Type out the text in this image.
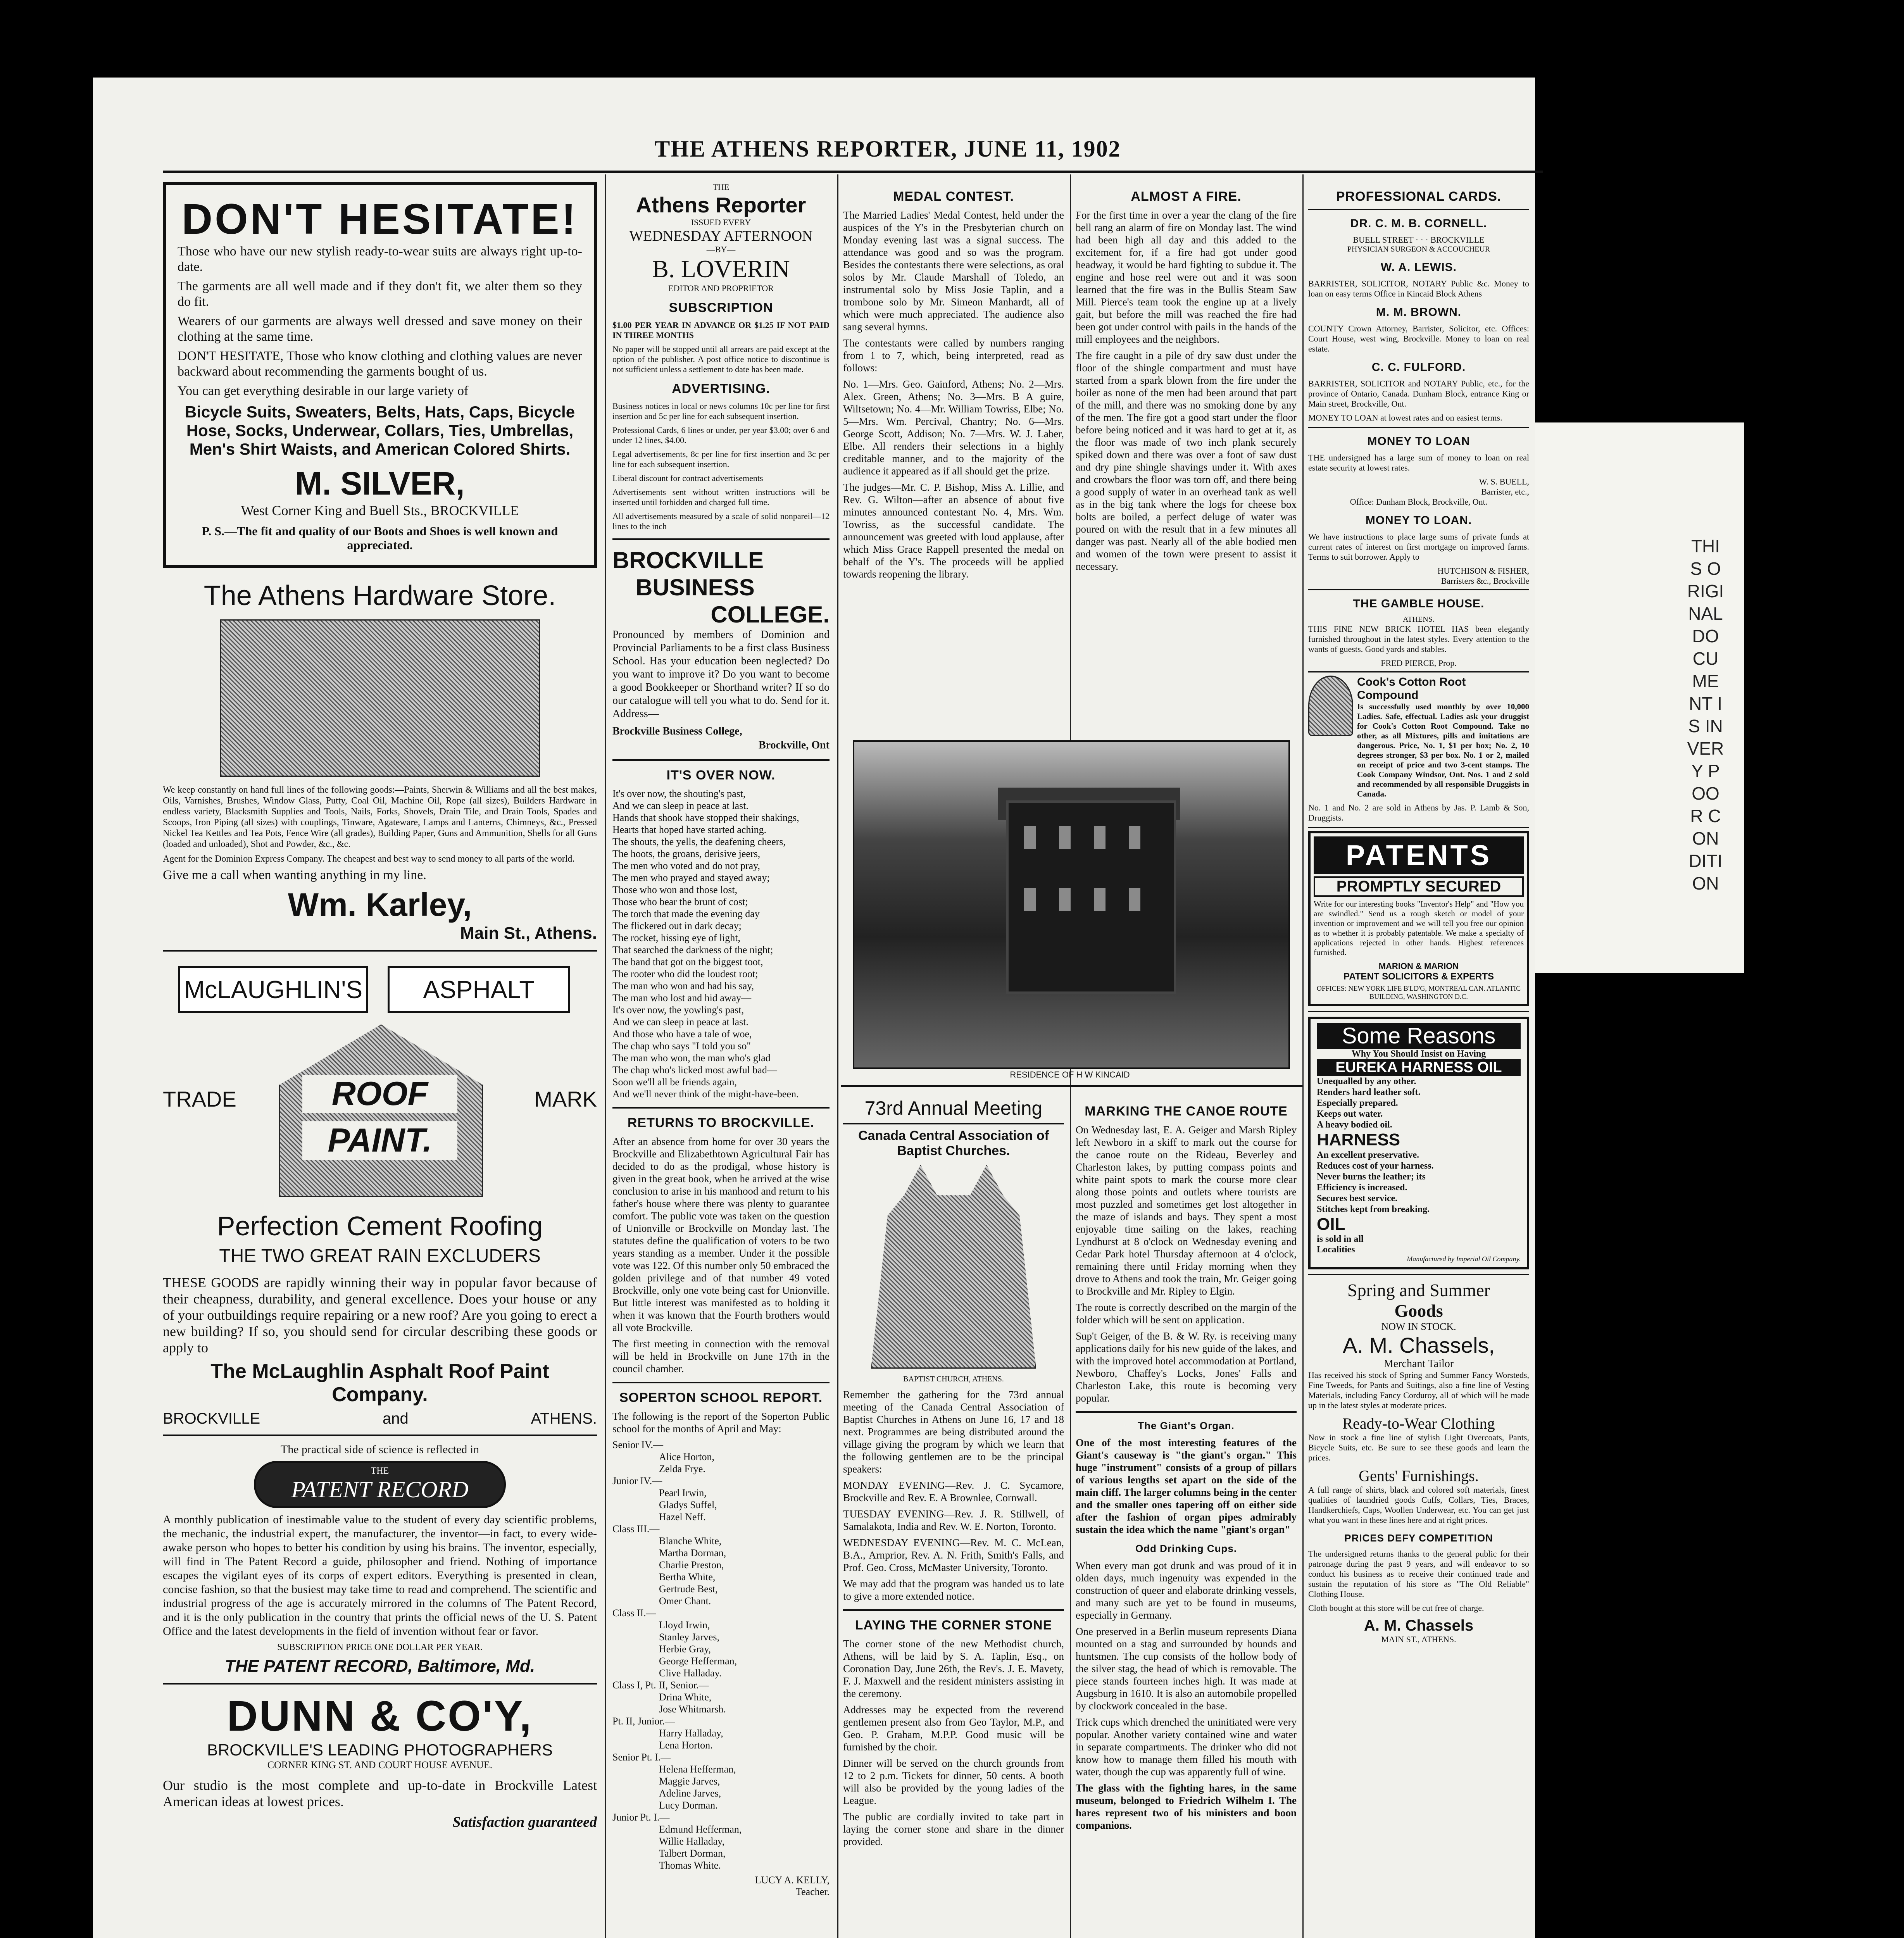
THE ATHENS REPORTER, JUNE 11, 1902
THIS ORIGINAL DOCUMENT IS IN VERY POOR CONDITION
DON'T HESITATE!

Those who have our new stylish ready-to-wear suits are always right up-to-date.

The garments are all well made and if they don't fit, we alter them so they do fit.

Wearers of our garments are always well dressed and save money on their clothing at the same time.

DON'T HESITATE, Those who know clothing and clothing values are never backward about recommending the garments bought of us.

You can get everything desirable in our large variety of

Bicycle Suits, Sweaters, Belts, Hats, Caps, Bicycle Hose, Socks, Underwear, Collars, Ties, Umbrellas, Men's Shirt Waists, and American Colored Shirts.

M. SILVER,
West Corner King and Buell Sts., BROCKVILLE

P. S.—The fit and quality of our Boots and Shoes is well known and appreciated.

The Athens Hardware Store.

We keep constantly on hand full lines of the following goods:—Paints, Sherwin & Williams and all the best makes, Oils, Varnishes, Brushes, Window Glass, Putty, Coal Oil, Machine Oil, Rope (all sizes), Builders Hardware in endless variety, Blacksmith Supplies and Tools, Nails, Forks, Shovels, Drain Tile, and Drain Tools, Spades and Scoops, Iron Piping (all sizes) with couplings, Tinware, Agateware, Lamps and Lanterns, Chimneys, &c., Pressed Nickel Tea Kettles and Tea Pots, Fence Wire (all grades), Building Paper, Guns and Ammunition, Shells for all Guns (loaded and unloaded), Shot and Powder, &c., &c.

Agent for the Dominion Express Company. The cheapest and best way to send money to all parts of the world.

Give me a call when wanting anything in my line.

Wm. Karley,
Main St., Athens.
McLAUGHLIN'S	ASPHALT
TRADE	MARK
ROOF
PAINT.
Perfection Cement Roofing
THE TWO GREAT RAIN EXCLUDERS

THESE GOODS are rapidly winning their way in popular favor because of their cheapness, durability, and general excellence. Does your house or any of your outbuildings require repairing or a new roof? Are you going to erect a new building? If so, you should send for circular describing these goods or apply to

The McLaughlin Asphalt Roof Paint Company.
BROCKVILLE	and	ATHENS.
The practical side of science is reflected in
THE
PATENT RECORD

A monthly publication of inestimable value to the student of every day scientific problems, the mechanic, the industrial expert, the manufacturer, the inventor—in fact, to every wide-awake person who hopes to better his condition by using his brains. The inventor, especially, will find in The Patent Record a guide, philosopher and friend. Nothing of importance escapes the vigilant eyes of its corps of expert editors. Everything is presented in clean, concise fashion, so that the busiest may take time to read and comprehend. The scientific and industrial progress of the age is accurately mirrored in the columns of The Patent Record, and it is the only publication in the country that prints the official news of the U. S. Patent Office and the latest developments in the field of invention without fear or favor.

SUBSCRIPTION PRICE ONE DOLLAR PER YEAR.
THE PATENT RECORD, Baltimore, Md.
DUNN & CO'Y,
BROCKVILLE'S LEADING PHOTOGRAPHERS
CORNER KING ST. AND COURT HOUSE AVENUE.

Our studio is the most complete and up-to-date in Brockville Latest American ideas at lowest prices.

Satisfaction guaranteed
THE
Athens Reporter
ISSUED EVERY
WEDNESDAY AFTERNOON
—BY—
B. LOVERIN
EDITOR AND PROPRIETOR
SUBSCRIPTION

$1.00 PER YEAR IN ADVANCE OR $1.25 IF NOT PAID IN THREE MONTHS

No paper will be stopped until all arrears are paid except at the option of the publisher. A post office notice to discontinue is not sufficient unless a settlement to date has been made.

ADVERTISING.

Business notices in local or news columns 10c per line for first insertion and 5c per line for each subsequent insertion.

Professional Cards, 6 lines or under, per year $3.00; over 6 and under 12 lines, $4.00.

Legal advertisements, 8c per line for first insertion and 3c per line for each subsequent insertion.

Liberal discount for contract advertisements

Advertisements sent without written instructions will be inserted until forbidden and charged full time.

All advertisements measured by a scale of solid nonpareil—12 lines to the inch

BROCKVILLE
BUSINESS
COLLEGE.

Pronounced by members of Dominion and Provincial Parliaments to be a first class Business School. Has your education been neglected? Do you want to improve it? Do you want to become a good Bookkeeper or Shorthand writer? If so do our catalogue will tell you what to do. Send for it. Address—

Brockville Business College,

Brockville, Ont

IT'S OVER NOW.
It's over now, the shouting's past,
And we can sleep in peace at last.
Hands that shook have stopped their shakings,
Hearts that hoped have started aching.
The shouts, the yells, the deafening cheers,
The hoots, the groans, derisive jeers,
The men who voted and do not pray,
The men who prayed and stayed away;
Those who won and those lost,
Those who bear the brunt of cost;
The torch that made the evening day
The flickered out in dark decay;
The rocket, hissing eye of light,
That searched the darkness of the night;
The band that got on the biggest toot,
The rooter who did the loudest root;
The man who won and had his say,
The man who lost and hid away—
It's over now, the yowling's past,
And we can sleep in peace at last.
And those who have a tale of woe,
The chap who says "I told you so"
The man who won, the man who's glad
The chap who's licked most awful bad—
Soon we'll all be friends again,
And we'll never think of the might-have-been.
RETURNS TO BROCKVILLE.

After an absence from home for over 30 years the Brockville and Elizabethtown Agricultural Fair has decided to do as the prodigal, whose history is given in the great book, when he arrived at the wise conclusion to arise in his manhood and return to his father's house where there was plenty to guarantee comfort. The public vote was taken on the question of Unionville or Brockville on Monday last. The statutes define the qualification of voters to be two years standing as a member. Under it the possible vote was 122. Of this number only 50 embraced the golden privilege and of that number 49 voted Brockville, only one vote being cast for Unionville. But little interest was manifested as to holding it when it was known that the Fourth brothers would all vote Brockville.

The first meeting in connection with the removal will be held in Brockville on June 17th in the council chamber.

SOPERTON SCHOOL REPORT.

The following is the report of the Soperton Public school for the months of April and May:

Senior IV.—
Alice Horton,
Zelda Frye.
Junior IV.—
Pearl Irwin,
Gladys Suffel,
Hazel Neff.
Class III.—
Blanche White,
Martha Dorman,
Charlie Preston,
Bertha White,
Gertrude Best,
Omer Chant.
Class II.—
Lloyd Irwin,
Stanley Jarves,
Herbie Gray,
George Hefferman,
Clive Halladay.
Class I, Pt. II, Senior.—
Drina White,
Jose Whitmarsh.
Pt. II, Junior.—
Harry Halladay,
Lena Horton.
Senior Pt. I.—
Helena Hefferman,
Maggie Jarves,
Adeline Jarves,
Lucy Dorman.
Junior Pt. I.—
Edmund Hefferman,
Willie Halladay,
Talbert Dorman,
Thomas White.
LUCY A. KELLY,
Teacher.
MEDAL CONTEST.

The Married Ladies' Medal Contest, held under the auspices of the Y's in the Presbyterian church on Monday evening last was a signal success. The attendance was good and so was the program. Besides the contestants there were selections, as oral solos by Mr. Claude Marshall of Toledo, an instrumental solo by Miss Josie Taplin, and a trombone solo by Mr. Simeon Manhardt, all of which were much appreciated. The audience also sang several hymns.

The contestants were called by numbers ranging from 1 to 7, which, being interpreted, read as follows:

No. 1—Mrs. Geo. Gainford, Athens; No. 2—Mrs. Alex. Green, Athens; No. 3—Mrs. B A guire, Wiltsetown; No. 4—Mr. William Towriss, Elbe; No. 5—Mrs. Wm. Percival, Chantry; No. 6—Mrs. George Scott, Addison; No. 7—Mrs. W. J. Laber, Elbe. All renders their selections in a highly creditable manner, and to the majority of the audience it appeared as if all should get the prize.

The judges—Mr. C. P. Bishop, Miss A. Lillie, and Rev. G. Wilton—after an absence of about five minutes announced contestant No. 4, Mrs. Wm. Towriss, as the successful candidate. The announcement was greeted with loud applause, after which Miss Grace Rappell presented the medal on behalf of the Y's. The proceeds will be applied towards reopening the library.

ALMOST A FIRE.

For the first time in over a year the clang of the fire bell rang an alarm of fire on Monday last. The wind had been high all day and this added to the excitement for, if a fire had got under good headway, it would be hard fighting to subdue it. The engine and hose reel were out and it was soon learned that the fire was in the Bullis Steam Saw Mill. Pierce's team took the engine up at a lively gait, but before the mill was reached the fire had been got under control with pails in the hands of the mill employees and the neighbors.

The fire caught in a pile of dry saw dust under the floor of the shingle compartment and must have started from a spark blown from the fire under the boiler as none of the men had been around that part of the mill, and there was no smoking done by any of the men. The fire got a good start under the floor before being noticed and it was hard to get at it, as the floor was made of two inch plank securely spiked down and there was over a foot of saw dust and dry pine shingle shavings under it. With axes and crowbars the floor was torn off, and there being a good supply of water in an overhead tank as well as in the big tank where the logs for cheese box bolts are boiled, a perfect deluge of water was poured on with the result that in a few minutes all danger was past. Nearly all of the able bodied men and women of the town were present to assist it necessary.

RESIDENCE OF H W KINCAID
73rd Annual Meeting
Canada Central Association of Baptist Churches.
BAPTIST CHURCH, ATHENS.

Remember the gathering for the 73rd annual meeting of the Canada Central Association of Baptist Churches in Athens on June 16, 17 and 18 next. Programmes are being distributed around the village giving the program by which we learn that the following gentlemen are to be the principal speakers:

MONDAY EVENING—Rev. J. C. Sycamore, Brockville and Rev. E. A Brownlee, Cornwall.

TUESDAY EVENING—Rev. J. R. Stillwell, of Samalakota, India and Rev. W. E. Norton, Toronto.

WEDNESDAY EVENING—Rev. M. C. McLean, B.A., Arnprior, Rev. A. N. Frith, Smith's Falls, and Prof. Geo. Cross, McMaster University, Toronto.

We may add that the program was handed us to late to give a more extended notice.

LAYING THE CORNER STONE

The corner stone of the new Methodist church, Athens, will be laid by S. A. Taplin, Esq., on Coronation Day, June 26th, the Rev's. J. E. Mavety, F. J. Maxwell and the resident ministers assisting in the ceremony.

Addresses may be expected from the reverend gentlemen present also from Geo Taylor, M.P., and Geo. P. Graham, M.P.P. Good music will be furnished by the choir.

Dinner will be served on the church grounds from 12 to 2 p.m. Tickets for dinner, 50 cents. A booth will also be provided by the young ladies of the League.

The public are cordially invited to take part in laying the corner stone and share in the dinner provided.

MARKING THE CANOE ROUTE

On Wednesday last, E. A. Geiger and Marsh Ripley left Newboro in a skiff to mark out the course for the canoe route on the Rideau, Beverley and Charleston lakes, by putting compass points and white paint spots to mark the course more clear along those points and outlets where tourists are most puzzled and sometimes get lost altogether in the maze of islands and bays. They spent a most enjoyable time sailing on the lakes, reaching Lyndhurst at 8 o'clock on Wednesday evening and Cedar Park hotel Thursday afternoon at 4 o'clock, remaining there until Friday morning when they drove to Athens and took the train, Mr. Geiger going to Brockville and Mr. Ripley to Elgin.

The route is correctly described on the margin of the folder which will be sent on application.

Sup't Geiger, of the B. & W. Ry. is receiving many applications daily for his new guide of the lakes, and with the improved hotel accommodation at Portland, Newboro, Chaffey's Locks, Jones' Falls and Charleston Lake, this route is becoming very popular.

The Giant's Organ.

One of the most interesting features of the Giant's causeway is "the giant's organ." This huge "instrument" consists of a group of pillars of various lengths set apart on the side of the main cliff. The larger columns being in the center and the smaller ones tapering off on either side after the fashion of organ pipes admirably sustain the idea which the name "giant's organ"

Odd Drinking Cups.

When every man got drunk and was proud of it in olden days, much ingenuity was expended in the construction of queer and elaborate drinking vessels, and many such are yet to be found in museums, especially in Germany.

One preserved in a Berlin museum represents Diana mounted on a stag and surrounded by hounds and huntsmen. The cup consists of the hollow body of the silver stag, the head of which is removable. The piece stands fourteen inches high. It was made at Augsburg in 1610. It is also an automobile propelled by clockwork concealed in the base.

Trick cups which drenched the uninitiated were very popular. Another variety contained wine and water in separate compartments. The drinker who did not know how to manage them filled his mouth with water, though the cup was apparently full of wine.

The glass with the fighting hares, in the same museum, belonged to Friedrich Wilhelm I. The hares represent two of his ministers and boon companions.

PROFESSIONAL CARDS.
DR. C. M. B. CORNELL.
BUELL STREET · · · BROCKVILLE
PHYSICIAN SURGEON & ACCOUCHEUR
W. A. LEWIS.

BARRISTER, SOLICITOR, NOTARY Public &c. Money to loan on easy terms Office in Kincaid Block Athens

M. M. BROWN.

COUNTY Crown Attorney, Barrister, Solicitor, etc. Offices: Court House, west wing, Brockville. Money to loan on real estate.

C. C. FULFORD.

BARRISTER, SOLICITOR and NOTARY Public, etc., for the province of Ontario, Canada. Dunham Block, entrance King or Main street, Brockville, Ont.

MONEY TO LOAN at lowest rates and on easiest terms.

MONEY TO LOAN

THE undersigned has a large sum of money to loan on real estate security at lowest rates.

W. S. BUELL,
Barrister, etc.,
Office: Dunham Block, Brockville, Ont.
MONEY TO LOAN.

We have instructions to place large sums of private funds at current rates of interest on first mortgage on improved farms. Terms to suit borrower. Apply to

HUTCHISON & FISHER,
Barristers &c., Brockville
THE GAMBLE HOUSE.
ATHENS.

THIS FINE NEW BRICK HOTEL HAS been elegantly furnished throughout in the latest styles. Every attention to the wants of guests. Good yards and stables.

FRED PIERCE, Prop.
Cook's Cotton Root Compound

Is successfully used monthly by over 10,000 Ladies. Safe, effectual. Ladies ask your druggist for Cook's Cotton Root Compound. Take no other, as all Mixtures, pills and imitations are dangerous. Price, No. 1, $1 per box; No. 2, 10 degrees stronger, $3 per box. No. 1 or 2, mailed on receipt of price and two 3-cent stamps. The Cook Company Windsor, Ont. Nos. 1 and 2 sold and recommended by all responsible Druggists in Canada.

No. 1 and No. 2 are sold in Athens by Jas. P. Lamb & Son, Druggists.

PATENTS
PROMPTLY SECURED

Write for our interesting books "Inventor's Help" and "How you are swindled." Send us a rough sketch or model of your invention or improvement and we will tell you free our opinion as to whether it is probably patentable. We make a specialty of applications rejected in other hands. Highest references furnished.

MARION & MARION
PATENT SOLICITORS & EXPERTS
OFFICES: NEW YORK LIFE B'LD'G, MONTREAL CAN. ATLANTIC BUILDING, WASHINGTON D.C.
Some Reasons
Why You Should Insist on Having
EUREKA HARNESS OIL
Unequalled by any other.
Renders hard leather soft.
Especially prepared.
Keeps out water.
A heavy bodied oil.
HARNESS
An excellent preservative.
Reduces cost of your harness.
Never burns the leather; its
Efficiency is increased.
Secures best service.
Stitches kept from breaking.
OIL
is sold in all
Localities
Manufactured by Imperial Oil Company.
Spring and Summer
Goods
NOW IN STOCK.
A. M. Chassels,
Merchant Tailor

Has received his stock of Spring and Summer Fancy Worsteds, Fine Tweeds, for Pants and Suitings, also a fine line of Vesting Materials, including Fancy Corduroy, all of which will be made up in the latest styles at moderate prices.

Ready-to-Wear Clothing

Now in stock a fine line of stylish Light Overcoats, Pants, Bicycle Suits, etc. Be sure to see these goods and learn the prices.

Gents' Furnishings.

A full range of shirts, black and colored soft materials, finest qualities of laundried goods Cuffs, Collars, Ties, Braces, Handkerchiefs, Caps, Woollen Underwear, etc. You can get just what you want in these lines here and at right prices.

PRICES DEFY COMPETITION

The undersigned returns thanks to the general public for their patronage during the past 9 years, and will endeavor to so conduct his business as to receive their continued trade and sustain the reputation of his store as "The Old Reliable" Clothing House.

Cloth bought at this store will be cut free of charge.

A. M. Chassels
MAIN ST., ATHENS.
